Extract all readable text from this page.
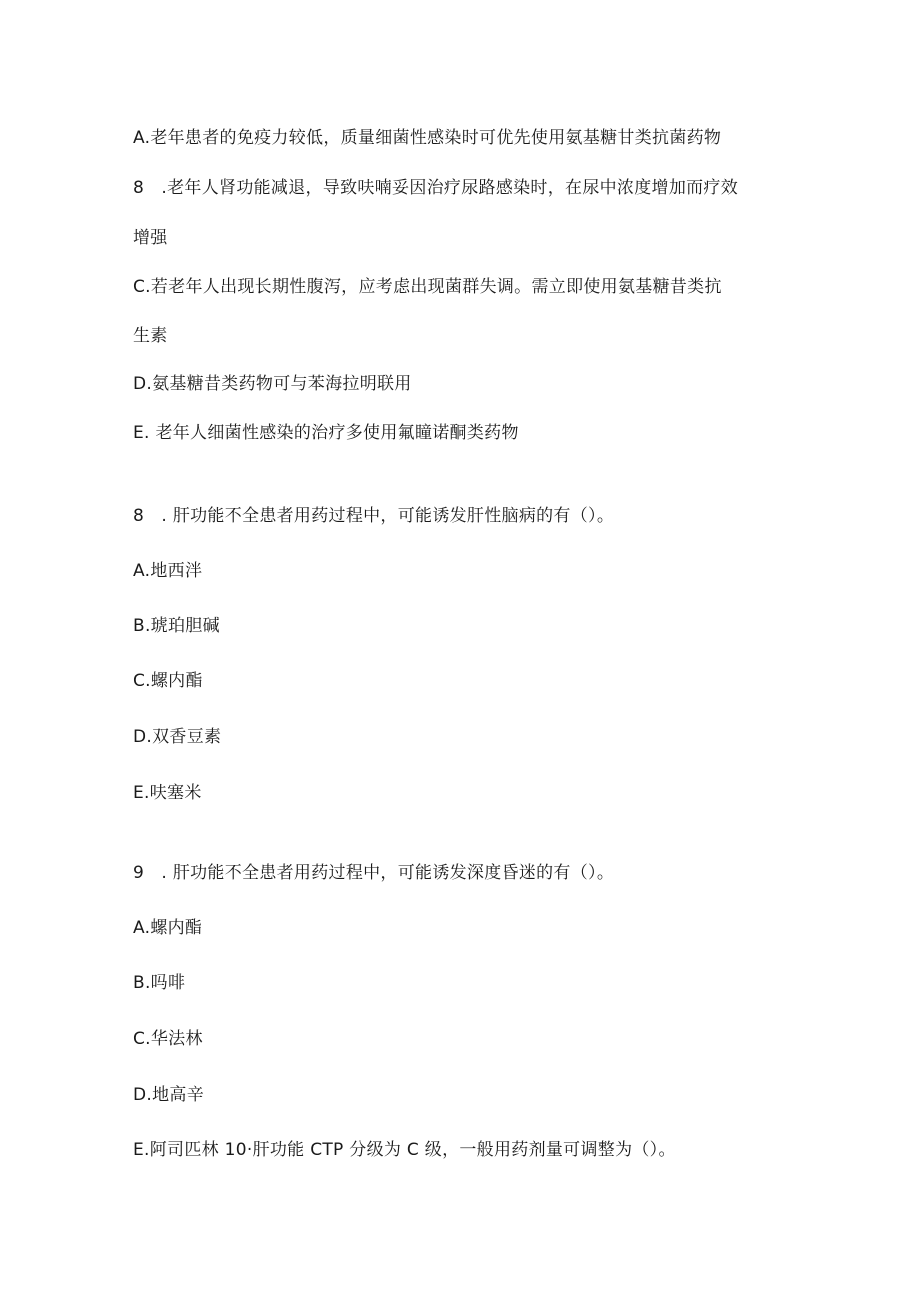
A.老年患者的免疫力较低，质量细菌性感染时可优先使用氨基糖甘类抗菌药物
8 .老年人肾功能减退，导致呋喃妥因治疗尿路感染时，在尿中浓度增加而疗效
增强
C.若老年人出现长期性腹泻，应考虑出现菌群失调。需立即使用氨基糖昔类抗
生素
D.氨基糖昔类药物可与苯海拉明联用
E. 老年人细菌性感染的治疗多使用氟瞳诺酮类药物
8 . 肝功能不全患者用药过程中，可能诱发肝性脑病的有（）。
A.地西泮
B.琥珀胆碱
C.螺内酯
D.双香豆素
E.呋塞米
9 . 肝功能不全患者用药过程中，可能诱发深度昏迷的有（）。
A.螺内酯
B.吗啡
C.华法林
D.地高辛
E.阿司匹林 10·肝功能 CTP 分级为 C 级，一般用药剂量可调整为（）。
